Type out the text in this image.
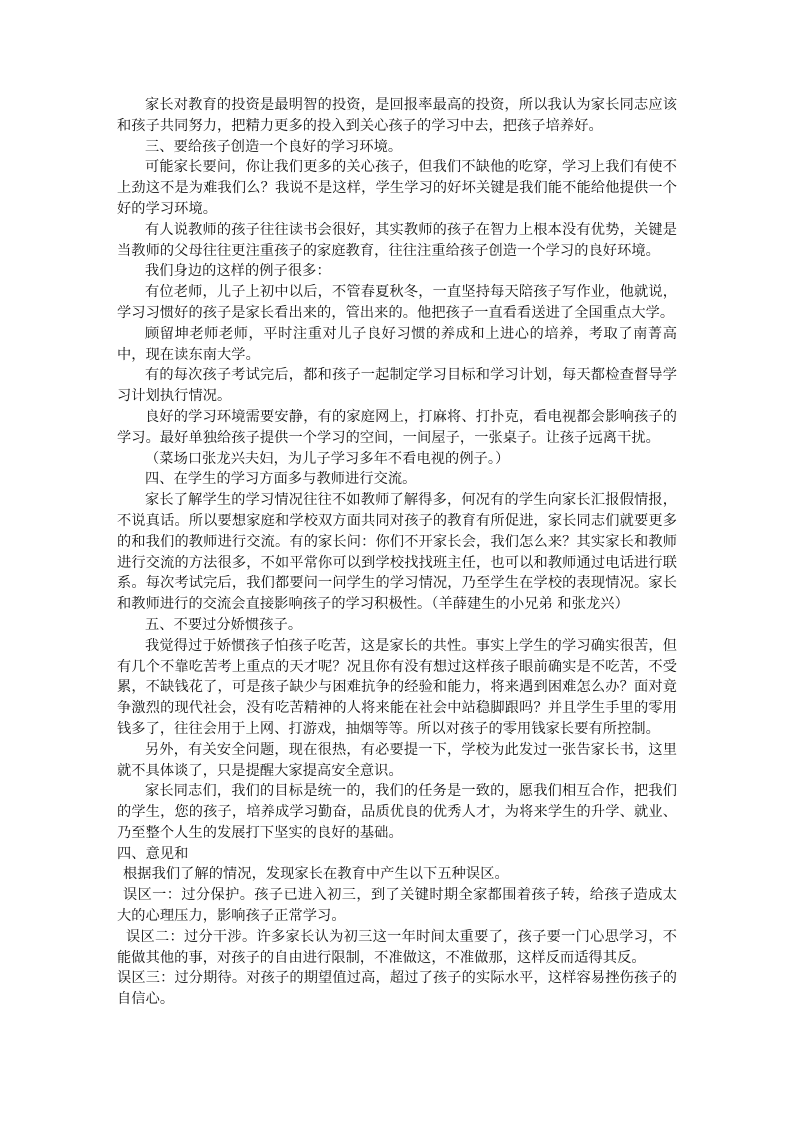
家长对教育的投资是最明智的投资，是回报率最高的投资，所以我认为家长同志应该和孩子共同努力，把精力更多的投入到关心孩子的学习中去，把孩子培养好。

三、要给孩子创造一个良好的学习环境。

可能家长要问，你让我们更多的关心孩子，但我们不缺他的吃穿，学习上我们有使不上劲这不是为难我们么？我说不是这样，学生学习的好坏关键是我们能不能给他提供一个好的学习环境。

有人说教师的孩子往往读书会很好，其实教师的孩子在智力上根本没有优势，关键是当教师的父母往往更注重孩子的家庭教育，往往注重给孩子创造一个学习的良好环境。

我们身边的这样的例子很多：

有位老师，儿子上初中以后，不管春夏秋冬，一直坚持每天陪孩子写作业，他就说，学习习惯好的孩子是家长看出来的，管出来的。他把孩子一直看看送进了全国重点大学。

顾留坤老师老师，平时注重对儿子良好习惯的养成和上进心的培养，考取了南菁高中，现在读东南大学。

有的每次孩子考试完后，都和孩子一起制定学习目标和学习计划，每天都检查督导学习计划执行情况。

良好的学习环境需要安静，有的家庭网上，打麻将、打扑克，看电视都会影响孩子的学习。最好单独给孩子提供一个学习的空间，一间屋子，一张桌子。让孩子远离干扰。

（菜场口张龙兴夫妇，为儿子学习多年不看电视的例子。）

四、在学生的学习方面多与教师进行交流。

家长了解学生的学习情况往往不如教师了解得多，何况有的学生向家长汇报假情报，不说真话。所以要想家庭和学校双方面共同对孩子的教育有所促进，家长同志们就要更多的和我们的教师进行交流。有的家长问：你们不开家长会，我们怎么来？其实家长和教师进行交流的方法很多，不如平常你可以到学校找找班主任，也可以和教师通过电话进行联系。每次考试完后，我们都要问一问学生的学习情况，乃至学生在学校的表现情况。家长和教师进行的交流会直接影响孩子的学习积极性。（羊薛建生的小兄弟 和张龙兴）

五、不要过分娇惯孩子。

我觉得过于娇惯孩子怕孩子吃苦，这是家长的共性。事实上学生的学习确实很苦，但有几个不靠吃苦考上重点的天才呢？况且你有没有想过这样孩子眼前确实是不吃苦，不受累，不缺钱花了，可是孩子缺少与困难抗争的经验和能力，将来遇到困难怎么办？面对竟争激烈的现代社会，没有吃苦精神的人将来能在社会中站稳脚跟吗？并且学生手里的零用钱多了，往往会用于上网、打游戏，抽烟等等。所以对孩子的零用钱家长要有所控制。

另外，有关安全问题，现在很热，有必要提一下，学校为此发过一张告家长书，这里就不具体谈了，只是提醒大家提高安全意识。

家长同志们，我们的目标是统一的，我们的任务是一致的，愿我们相互合作，把我们的学生，您的孩子，培养成学习勤奋，品质优良的优秀人才，为将来学生的升学、就业、乃至整个人生的发展打下坚实的良好的基础。

四、意见和

根据我们了解的情况，发现家长在教育中产生以下五种误区。

误区一：过分保护。孩子已进入初三，到了关键时期全家都围着孩子转，给孩子造成太大的心理压力，影响孩子正常学习。

误区二：过分干涉。许多家长认为初三这一年时间太重要了，孩子要一门心思学习，不能做其他的事，对孩子的自由进行限制，不准做这，不准做那，这样反而适得其反。

误区三：过分期待。对孩子的期望值过高，超过了孩子的实际水平，这样容易挫伤孩子的自信心。
